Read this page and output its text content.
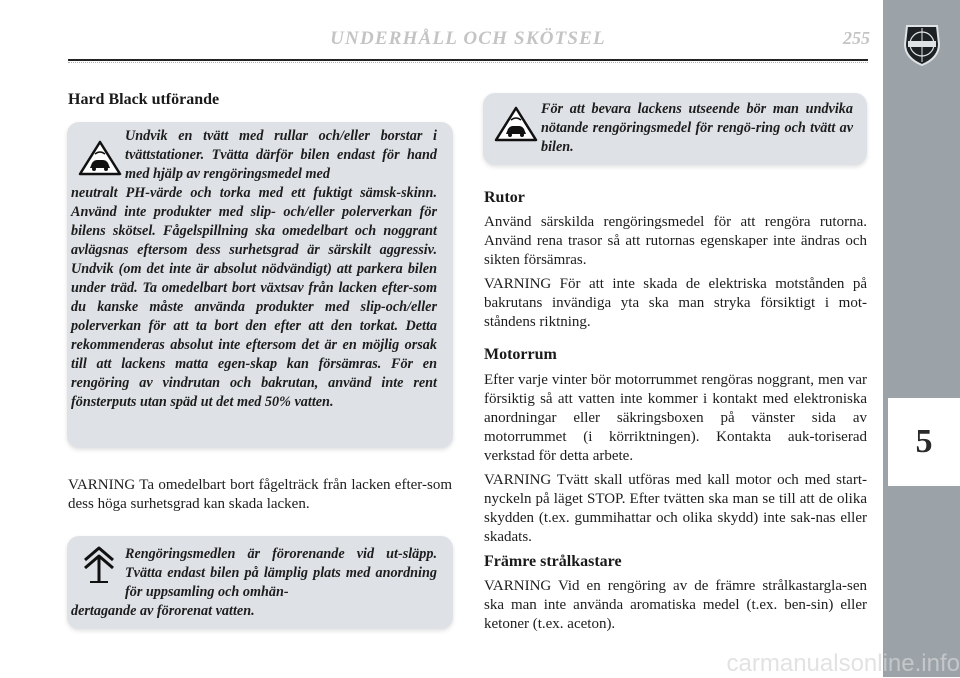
UNDERHÅLL OCH SKÖTSEL	255
5
Hard Black utförande
Undvik en tvätt med rullar och/eller borstar i tvättstationer. Tvätta därför bilen endast för hand med hjälp av rengöringsmedel med
neutralt PH-värde och torka med ett fuktigt sämsk-skinn. Använd inte produkter med slip- och/eller polerverkan för bilens skötsel. Fågelspillning ska omedelbart och noggrant avlägsnas eftersom dess surhetsgrad är särskilt aggressiv. Undvik (om det inte är absolut nödvändigt) att parkera bilen under träd. Ta omedelbart bort växtsav från lacken efter-som du kanske måste använda produkter med slip-och/eller polerverkan för att ta bort den efter att den torkat. Detta rekommenderas absolut inte eftersom det är en möjlig orsak till att lackens matta egen-skap kan försämras. För en rengöring av vindrutan och bakrutan, använd inte rent fönsterputs utan späd ut det med 50% vatten.

VARNING Ta omedelbart bort fågelträck från lacken efter-som dess höga surhetsgrad kan skada lacken.

Rengöringsmedlen är förorenande vid ut-släpp. Tvätta endast bilen på lämplig plats med anordning för uppsamling och omhän-
dertagande av förorenat vatten.
För att bevara lackens utseende bör man undvika nötande rengöringsmedel för rengö-ring och tvätt av bilen.
Rutor

Använd särskilda rengöringsmedel för att rengöra rutorna. Använd rena trasor så att rutornas egenskaper inte ändras och sikten försämras.

VARNING För att inte skada de elektriska motstånden på bakrutans invändiga yta ska man stryka försiktigt i mot-ståndens riktning.

Motorrum

Efter varje vinter bör motorrummet rengöras noggrant, men var försiktig så att vatten inte kommer i kontakt med elektroniska anordningar eller säkringsboxen på vänster sida av motorrummet (i körriktningen). Kontakta auk-toriserad verkstad för detta arbete.

VARNING Tvätt skall utföras med kall motor och med start-nyckeln på läget STOP. Efter tvätten ska man se till att de olika skydden (t.ex. gummihattar och olika skydd) inte sak-nas eller skadats.

Främre strålkastare

VARNING Vid en rengöring av de främre strålkastargla-sen ska man inte använda aromatiska medel (t.ex. ben-sin) eller ketoner (t.ex. aceton).

carmanualsonline.info
